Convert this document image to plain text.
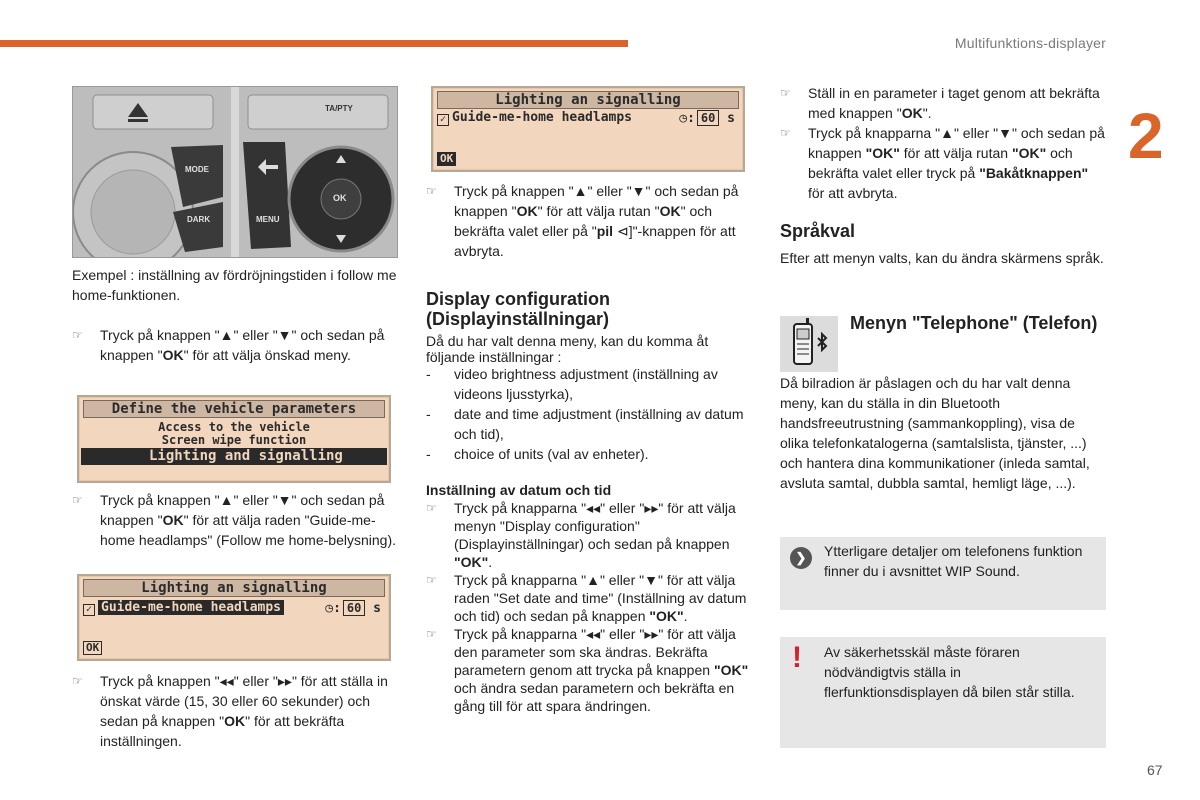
Multifunktions-displayer
2
67
TA/PTY
MODE
DARK	MENU
OK

Exempel : inställning av fördröjningstiden i follow me home-funktionen.

☞ Tryck på knappen "▲" eller "▼" och sedan på knappen "OK" för att välja önskad meny.
Define the vehicle parameters
Access to the vehicle
Screen wipe function
Lighting and signalling
☞ Tryck på knappen "▲" eller "▼" och sedan på knappen "OK" för att välja raden "Guide-me-home headlamps" (Follow me home-belysning).
Lighting an signalling
✓ Guide-me-home headlamps	◷: 60 s
OK
☞ Tryck på knappen "◂◂" eller "▸▸" för att ställa in önskat värde (15, 30 eller 60 sekunder) och sedan på knappen "OK" för att bekräfta inställningen.
Lighting an signalling
✓ Guide-me-home headlamps	◷: 60 s
OK
☞ Tryck på knappen "▲" eller "▼" och sedan på knappen "OK" för att välja rutan "OK" och bekräfta valet eller på "pil ⊲]"-knappen för att avbryta.
Display configuration (Displayinställningar)

Då du har valt denna meny, kan du komma åt följande inställningar :

- video brightness adjustment (inställning av videons ljusstyrka),
- date and time adjustment (inställning av datum och tid),
- choice of units (val av enheter).
Inställning av datum och tid
☞ Tryck på knapparna "◂◂" eller "▸▸" för att välja menyn "Display configuration" (Displayinställningar) och sedan på knappen "OK".
☞ Tryck på knapparna "▲" eller "▼" för att välja raden "Set date and time" (Inställning av datum och tid) och sedan på knappen "OK".
☞ Tryck på knapparna "◂◂" eller "▸▸" för att välja den parameter som ska ändras. Bekräfta parametern genom att trycka på knappen "OK" och ändra sedan parametern och bekräfta en gång till för att spara ändringen.
☞ Ställ in en parameter i taget genom att bekräfta med knappen "OK".
☞ Tryck på knapparna "▲" eller "▼" och sedan på knappen "OK" för att välja rutan "OK" och bekräfta valet eller tryck på "Bakåtknappen" för att avbryta.
Språkval

Efter att menyn valts, kan du ändra skärmens språk.

Menyn "Telephone" (Telefon)

Då bilradion är påslagen och du har valt denna meny, kan du ställa in din Bluetooth handsfreeutrustning (sammankoppling), visa de olika telefonkatalogerna (samtalslista, tjänster, ...) och hantera dina kommunikationer (inleda samtal, avsluta samtal, dubbla samtal, hemligt läge, ...).

❯	Ytterligare detaljer om telefonens funktion finner du i avsnittet WIP Sound.

! Av säkerhetsskäl måste föraren nödvändigtvis ställa in flerfunktionsdisplayen då bilen står stilla.
